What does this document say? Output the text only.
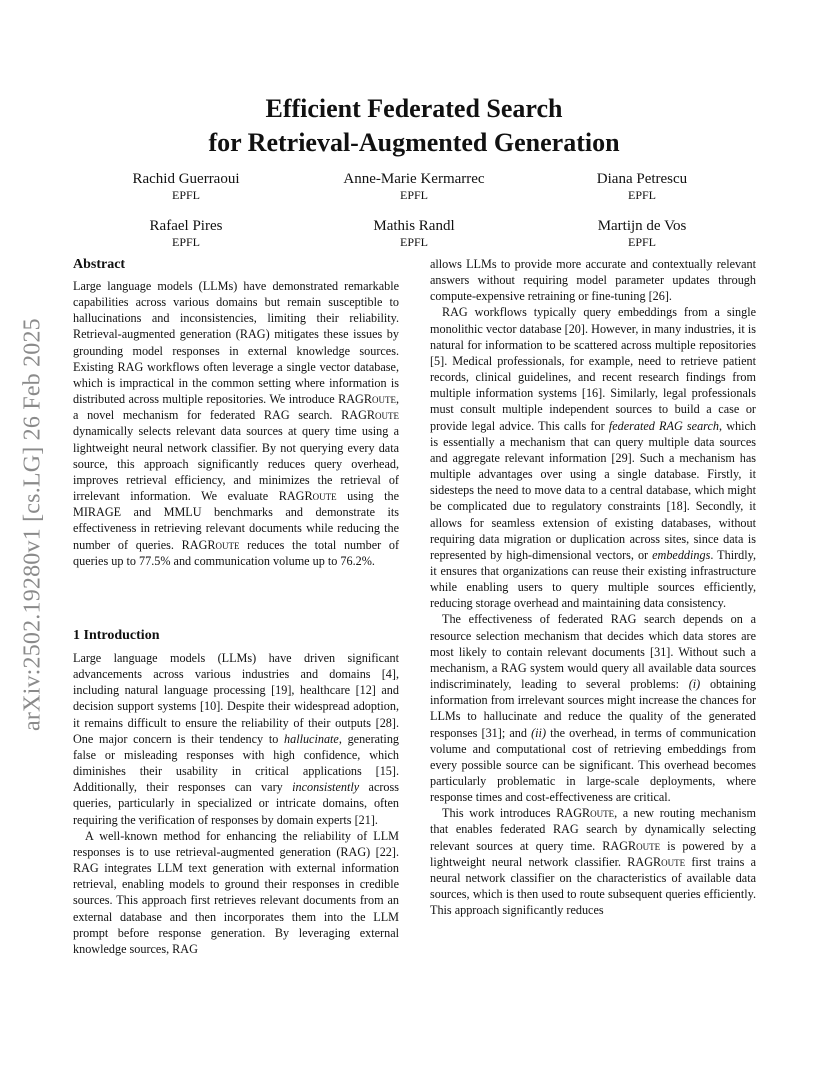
arXiv:2502.19280v1 [cs.LG] 26 Feb 2025
Efficient Federated Search
for Retrieval-Augmented Generation
Rachid Guerraoui
EPFL
Anne-Marie Kermarrec
EPFL
Diana Petrescu
EPFL
Rafael Pires
EPFL
Mathis Randl
EPFL
Martijn de Vos
EPFL
Abstract

Large language models (LLMs) have demonstrated remarkable capabilities across various domains but remain susceptible to hallucinations and inconsistencies, limiting their reliability. Retrieval-augmented generation (RAG) mitigates these issues by grounding model responses in external knowledge sources. Existing RAG workflows often leverage a single vector database, which is impractical in the common setting where information is distributed across multiple repositories. We introduce RAGRoute, a novel mechanism for federated RAG search. RAGRoute dynamically selects relevant data sources at query time using a lightweight neural network classifier. By not querying every data source, this approach significantly reduces query overhead, improves retrieval efficiency, and minimizes the retrieval of irrelevant information. We evaluate RAGRoute using the MIRAGE and MMLU benchmarks and demonstrate its effectiveness in retrieving relevant documents while reducing the number of queries. RAGRoute reduces the total number of queries up to 77.5% and communication volume up to 76.2%.

1 Introduction

Large language models (LLMs) have driven significant advancements across various industries and domains [4], including natural language processing [19], healthcare [12] and decision support systems [10]. Despite their widespread adoption, it remains difficult to ensure the reliability of their outputs [28]. One major concern is their tendency to hallucinate, generating false or misleading responses with high confidence, which diminishes their usability in critical applications [15]. Additionally, their responses can vary inconsistently across queries, particularly in specialized or intricate domains, often requiring the verification of responses by domain experts [21].

A well-known method for enhancing the reliability of LLM responses is to use retrieval-augmented generation (RAG) [22]. RAG integrates LLM text generation with external information retrieval, enabling models to ground their responses in credible sources. This approach first retrieves relevant documents from an external database and then incorporates them into the LLM prompt before response generation. By leveraging external knowledge sources, RAG

allows LLMs to provide more accurate and contextually relevant answers without requiring model parameter updates through compute-expensive retraining or fine-tuning [26].

RAG workflows typically query embeddings from a single monolithic vector database [20]. However, in many industries, it is natural for information to be scattered across multiple repositories [5]. Medical professionals, for example, need to retrieve patient records, clinical guidelines, and recent research findings from multiple information systems [16]. Similarly, legal professionals must consult multiple independent sources to build a case or provide legal advice. This calls for federated RAG search, which is essentially a mechanism that can query multiple data sources and aggregate relevant information [29]. Such a mechanism has multiple advantages over using a single database. Firstly, it sidesteps the need to move data to a central database, which might be complicated due to regulatory constraints [18]. Secondly, it allows for seamless extension of existing databases, without requiring data migration or duplication across sites, since data is represented by high-dimensional vectors, or embeddings. Thirdly, it ensures that organizations can reuse their existing infrastructure while enabling users to query multiple sources efficiently, reducing storage overhead and maintaining data consistency.

The effectiveness of federated RAG search depends on a resource selection mechanism that decides which data stores are most likely to contain relevant documents [31]. Without such a mechanism, a RAG system would query all available data sources indiscriminately, leading to several problems: (i) obtaining information from irrelevant sources might increase the chances for LLMs to hallucinate and reduce the quality of the generated responses [31]; and (ii) the overhead, in terms of communication volume and computational cost of retrieving embeddings from every possible source can be significant. This overhead becomes particularly problematic in large-scale deployments, where response times and cost-effectiveness are critical.

This work introduces RAGRoute, a new routing mechanism that enables federated RAG search by dynamically selecting relevant sources at query time. RAGRoute is powered by a lightweight neural network classifier. RAGRoute first trains a neural network classifier on the characteristics of available data sources, which is then used to route subsequent queries efficiently. This approach significantly reduces
